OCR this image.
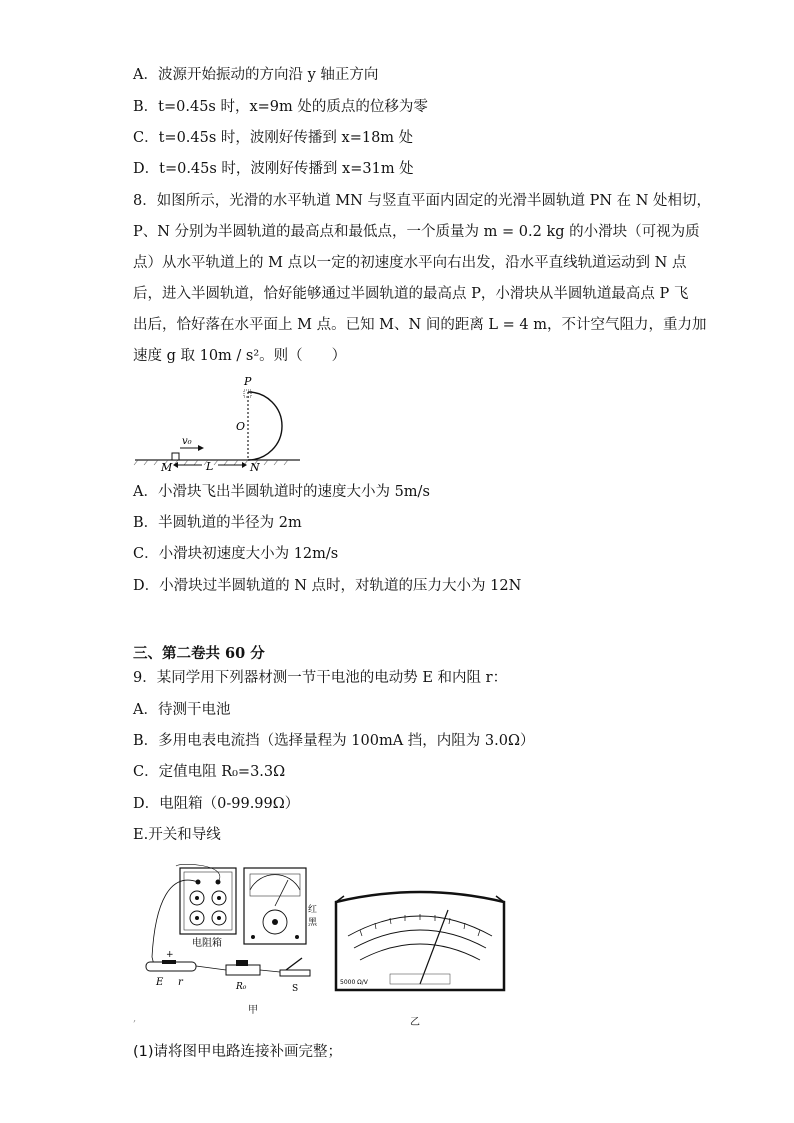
A．波源开始振动的方向沿 y 轴正方向
B．t=0.45s 时，x=9m 处的质点的位移为零
C．t=0.45s 时，波刚好传播到 x=18m 处
D．t=0.45s 时，波刚好传播到 x=31m 处
8．如图所示，光滑的水平轨道 MN 与竖直平面内固定的光滑半圆轨道 PN 在 N 处相切，
P、N 分别为半圆轨道的最高点和最低点，一个质量为 m = 0.2 kg 的小滑块（可视为质
点）从水平轨道上的 M 点以一定的初速度水平向右出发，沿水平直线轨道运动到 N 点
后，进入半圆轨道，恰好能够通过半圆轨道的最高点 P，小滑块从半圆轨道最高点 P 飞
出后，恰好落在水平面上 M 点。已知 M、N 间的距离 L = 4 m，不计空气阻力，重力加
速度 g 取 10m / s²。则（　　）
P
O
v₀
M	L	N
A．小滑块飞出半圆轨道时的速度大小为 5m/s
B．半圆轨道的半径为 2m
C．小滑块初速度大小为 12m/s
D．小滑块过半圆轨道的 N 点时，对轨道的压力大小为 12N
三、第二卷共 60 分
9．某同学用下列器材测一节干电池的电动势 E 和内阻 r：
A．待测干电池
B．多用电表电流挡（选择量程为 100mA 挡，内阻为 3.0Ω）
C．定值电阻 R₀=3.3Ω
D．电阻箱（0-99.99Ω）
E.开关和导线
电阻箱
红
黑
+
E r	R₀	S
甲
,
5000 Ω/V
乙
(1)请将图甲电路连接补画完整；
